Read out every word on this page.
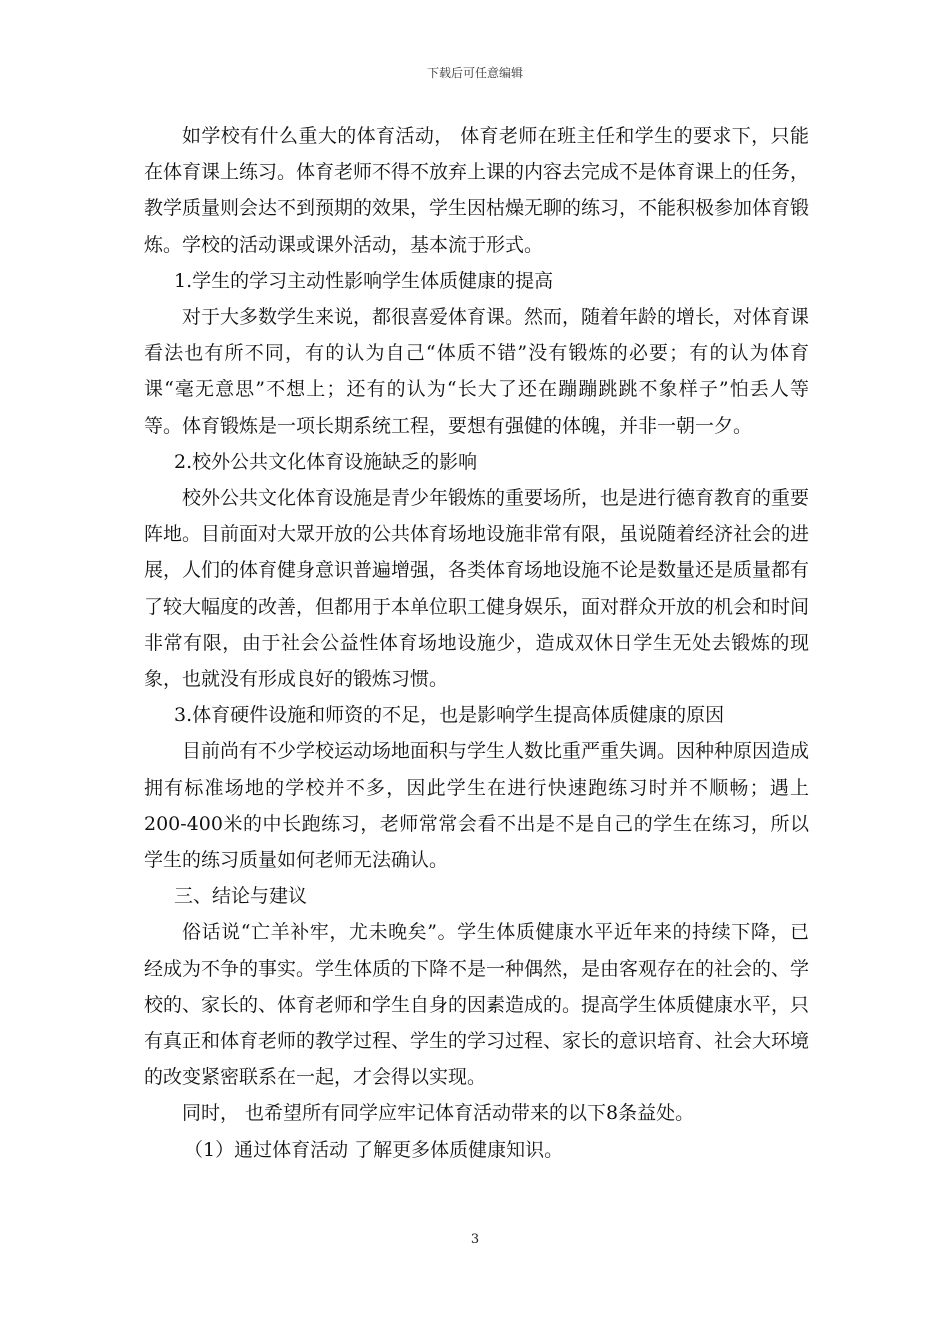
下载后可任意编辑

如学校有什么重大的体育活动， 体育老师在班主任和学生的要求下，只能在体育课上练习。体育老师不得不放弃上课的内容去完成不是体育课上的任务， 教学质量则会达不到预期的效果，学生因枯燥无聊的练习，不能积极参加体育锻炼。学校的活动课或课外活动，基本流于形式。

1.学生的学习主动性影响学生体质健康的提高

对于大多数学生来说，都很喜爱体育课。然而，随着年龄的增长，对体育课看法也有所不同，有的认为自己“体质不错”没有锻炼的必要；有的认为体育课“毫无意思”不想上；还有的认为“长大了还在蹦蹦跳跳不象样子”怕丢人等等。体育锻炼是一项长期系统工程，要想有强健的体魄，并非一朝一夕。

2.校外公共文化体育设施缺乏的影响

校外公共文化体育设施是青少年锻炼的重要场所，也是进行德育教育的重要阵地。目前面对大眾开放的公共体育场地设施非常有限，虽说随着经济社会的进展，人们的体育健身意识普遍增强，各类体育场地设施不论是数量还是质量都有了较大幅度的改善，但都用于本单位职工健身娱乐，面对群众开放的机会和时间非常有限，由于社会公益性体育场地设施少，造成双休日学生无处去锻炼的现象，也就没有形成良好的锻炼习惯。

3.体育硬件设施和师资的不足，也是影响学生提高体质健康的原因

目前尚有不少学校运动场地面积与学生人数比重严重失调。因种种原因造成拥有标准场地的学校并不多，因此学生在进行快速跑练习时并不顺畅；遇上200-400米的中长跑练习，老师常常会看不出是不是自己的学生在练习，所以学生的练习质量如何老师无法确认。

三、结论与建议

俗话说“亡羊补牢，尤未晚矣”。学生体质健康水平近年来的持续下降，已经成为不争的事实。学生体质的下降不是一种偶然，是由客观存在的社会的、学校的、家长的、体育老师和学生自身的因素造成的。提高学生体质健康水平，只有真正和体育老师的教学过程、学生的学习过程、家长的意识培育、社会大环境的改变紧密联系在一起，才会得以实现。

同时， 也希望所有同学应牢记体育活动带来的以下8条益处。

（1）通过体育活动 了解更多体质健康知识。

3
